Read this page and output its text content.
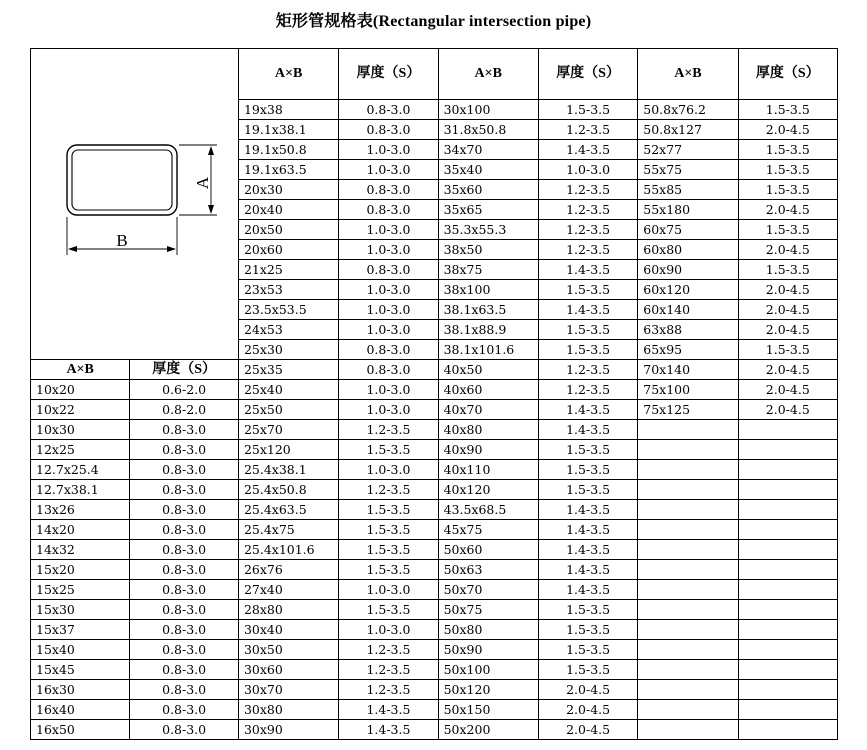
矩形管规格表(Rectangular intersection pipe)
A
B		A×B	厚度（S）	A×B	厚度（S）	A×B	厚度（S）
		19x38	0.8-3.0	30x100	1.5-3.5	50.8x76.2	1.5-3.5
		19.1x38.1	0.8-3.0	31.8x50.8	1.2-3.5	50.8x127	2.0-4.5
		19.1x50.8	1.0-3.0	34x70	1.4-3.5	52x77	1.5-3.5
		19.1x63.5	1.0-3.0	35x40	1.0-3.0	55x75	1.5-3.5
		20x30	0.8-3.0	35x60	1.2-3.5	55x85	1.5-3.5
		20x40	0.8-3.0	35x65	1.2-3.5	55x180	2.0-4.5
		20x50	1.0-3.0	35.3x55.3	1.2-3.5	60x75	1.5-3.5
		20x60	1.0-3.0	38x50	1.2-3.5	60x80	2.0-4.5
		21x25	0.8-3.0	38x75	1.4-3.5	60x90	1.5-3.5
		23x53	1.0-3.0	38x100	1.5-3.5	60x120	2.0-4.5
		23.5x53.5	1.0-3.0	38.1x63.5	1.4-3.5	60x140	2.0-4.5
		24x53	1.0-3.0	38.1x88.9	1.5-3.5	63x88	2.0-4.5
		25x30	0.8-3.0	38.1x101.6	1.5-3.5	65x95	1.5-3.5
A×B	厚度（S）	25x35	0.8-3.0	40x50	1.2-3.5	70x140	2.0-4.5
10x20	0.6-2.0	25x40	1.0-3.0	40x60	1.2-3.5	75x100	2.0-4.5
10x22	0.8-2.0	25x50	1.0-3.0	40x70	1.4-3.5	75x125	2.0-4.5
10x30	0.8-3.0	25x70	1.2-3.5	40x80	1.4-3.5		
12x25	0.8-3.0	25x120	1.5-3.5	40x90	1.5-3.5		
12.7x25.4	0.8-3.0	25.4x38.1	1.0-3.0	40x110	1.5-3.5		
12.7x38.1	0.8-3.0	25.4x50.8	1.2-3.5	40x120	1.5-3.5		
13x26	0.8-3.0	25.4x63.5	1.5-3.5	43.5x68.5	1.4-3.5		
14x20	0.8-3.0	25.4x75	1.5-3.5	45x75	1.4-3.5		
14x32	0.8-3.0	25.4x101.6	1.5-3.5	50x60	1.4-3.5		
15x20	0.8-3.0	26x76	1.5-3.5	50x63	1.4-3.5		
15x25	0.8-3.0	27x40	1.0-3.0	50x70	1.4-3.5		
15x30	0.8-3.0	28x80	1.5-3.5	50x75	1.5-3.5		
15x37	0.8-3.0	30x40	1.0-3.0	50x80	1.5-3.5		
15x40	0.8-3.0	30x50	1.2-3.5	50x90	1.5-3.5		
15x45	0.8-3.0	30x60	1.2-3.5	50x100	1.5-3.5		
16x30	0.8-3.0	30x70	1.2-3.5	50x120	2.0-4.5		
16x40	0.8-3.0	30x80	1.4-3.5	50x150	2.0-4.5		
16x50	0.8-3.0	30x90	1.4-3.5	50x200	2.0-4.5		
